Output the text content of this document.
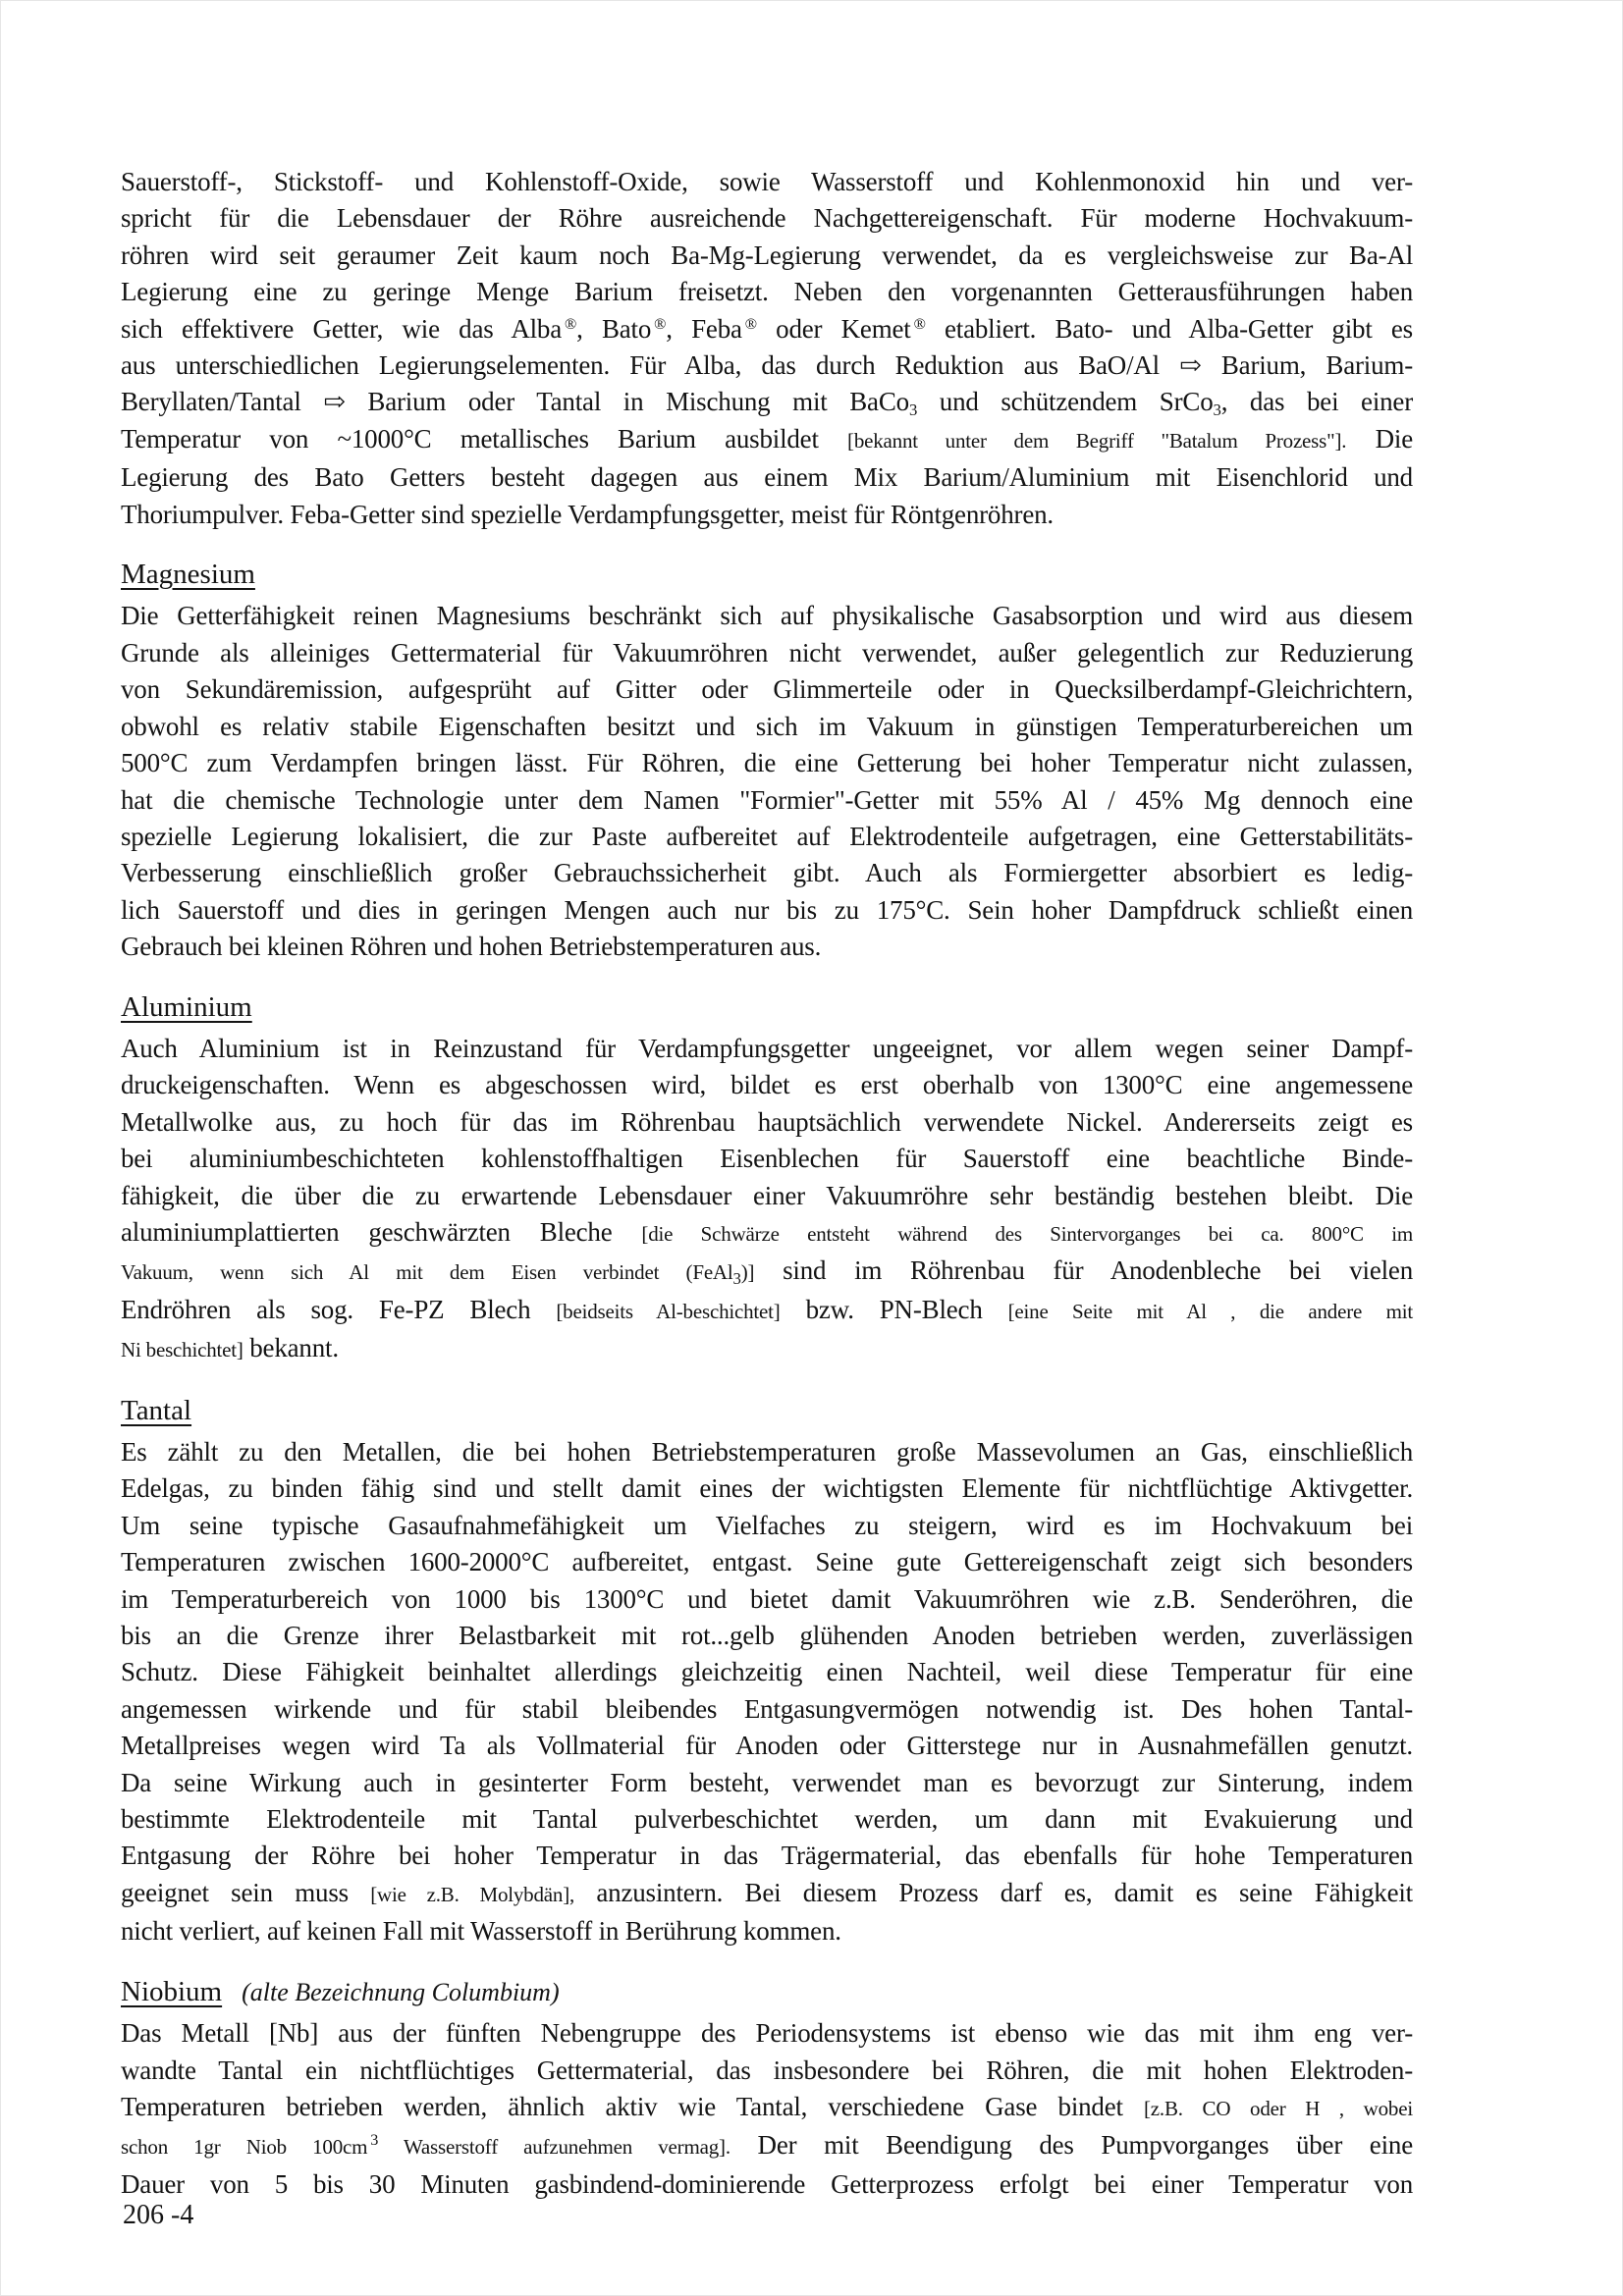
Sauerstoff-, Stickstoff- und Kohlenstoff-Oxide, sowie Wasserstoff und Kohlenmonoxid hin und ver-
spricht für die Lebensdauer der Röhre ausreichende Nachgettereigenschaft. Für moderne Hochvakuum-
röhren wird seit geraumer Zeit kaum noch Ba-Mg-Legierung verwendet, da es vergleichsweise zur Ba-Al
Legierung eine zu geringe Menge Barium freisetzt. Neben den vorgenannten Getterausführungen haben
sich effektivere Getter, wie das Alba ®, Bato ®, Feba ® oder Kemet ® etabliert. Bato- und Alba-Getter gibt es
aus unterschiedlichen Legierungselementen. Für Alba, das durch Reduktion aus BaO/Al ⇨ Barium, Barium-
Beryllaten/Tantal ⇨ Barium oder Tantal in Mischung mit BaCo3 und schützendem SrCo3, das bei einer
Temperatur von ~1000°C metallisches Barium ausbildet [bekannt unter dem Begriff "Batalum Prozess"]. Die
Legierung des Bato Getters besteht dagegen aus einem Mix Barium/Aluminium mit Eisenchlorid und
Thoriumpulver. Feba-Getter sind spezielle Verdampfungsgetter, meist für Röntgenröhren.
Magnesium
Die Getterfähigkeit reinen Magnesiums beschränkt sich auf physikalische Gasabsorption und wird aus diesem
Grunde als alleiniges Gettermaterial für Vakuumröhren nicht verwendet, außer gelegentlich zur Reduzierung
von Sekundäremission, aufgesprüht auf Gitter oder Glimmerteile oder in Quecksilberdampf-Gleichrichtern,
obwohl es relativ stabile Eigenschaften besitzt und sich im Vakuum in günstigen Temperaturbereichen um
500°C zum Verdampfen bringen lässt. Für Röhren, die eine Getterung bei hoher Temperatur nicht zulassen,
hat die chemische Technologie unter dem Namen "Formier"-Getter mit 55% Al / 45% Mg dennoch eine
spezielle Legierung lokalisiert, die zur Paste aufbereitet auf Elektrodenteile aufgetragen, eine Getterstabilitäts-
Verbesserung einschließlich großer Gebrauchssicherheit gibt. Auch als Formiergetter absorbiert es ledig-
lich Sauerstoff und dies in geringen Mengen auch nur bis zu 175°C. Sein hoher Dampfdruck schließt einen
Gebrauch bei kleinen Röhren und hohen Betriebstemperaturen aus.
Aluminium
Auch Aluminium ist in Reinzustand für Verdampfungsgetter ungeeignet, vor allem wegen seiner Dampf-
druckeigenschaften. Wenn es abgeschossen wird, bildet es erst oberhalb von 1300°C eine angemessene
Metallwolke aus, zu hoch für das im Röhrenbau hauptsächlich verwendete Nickel. Andererseits zeigt es
bei aluminiumbeschichteten kohlenstoffhaltigen Eisenblechen für Sauerstoff eine beachtliche Binde-
fähigkeit, die über die zu erwartende Lebensdauer einer Vakuumröhre sehr beständig bestehen bleibt. Die
aluminiumplattierten geschwärzten Bleche [die Schwärze entsteht während des Sintervorganges bei ca. 800°C im
Vakuum, wenn sich Al mit dem Eisen verbindet (FeAl3)] sind im Röhrenbau für Anodenbleche bei vielen
Endröhren als sog. Fe-PZ Blech [beidseits Al-beschichtet] bzw. PN-Blech [eine Seite mit Al , die andere mit
Ni beschichtet] bekannt.
Tantal
Es zählt zu den Metallen, die bei hohen Betriebstemperaturen große Massevolumen an Gas, einschließlich
Edelgas, zu binden fähig sind und stellt damit eines der wichtigsten Elemente für nichtflüchtige Aktivgetter.
Um seine typische Gasaufnahmefähigkeit um Vielfaches zu steigern, wird es im Hochvakuum bei
Temperaturen zwischen 1600-2000°C aufbereitet, entgast. Seine gute Gettereigenschaft zeigt sich besonders
im Temperaturbereich von 1000 bis 1300°C und bietet damit Vakuumröhren wie z.B. Senderöhren, die
bis an die Grenze ihrer Belastbarkeit mit rot...gelb glühenden Anoden betrieben werden, zuverlässigen
Schutz. Diese Fähigkeit beinhaltet allerdings gleichzeitig einen Nachteil, weil diese Temperatur für eine
angemessen wirkende und für stabil bleibendes Entgasungvermögen notwendig ist. Des hohen Tantal-
Metallpreises wegen wird Ta als Vollmaterial für Anoden oder Gitterstege nur in Ausnahmefällen genutzt.
Da seine Wirkung auch in gesinterter Form besteht, verwendet man es bevorzugt zur Sinterung, indem
bestimmte Elektrodenteile mit Tantal pulverbeschichtet werden, um dann mit Evakuierung und
Entgasung der Röhre bei hoher Temperatur in das Trägermaterial, das ebenfalls für hohe Temperaturen
geeignet sein muss [wie z.B. Molybdän], anzusintern. Bei diesem Prozess darf es, damit es seine Fähigkeit
nicht verliert, auf keinen Fall mit Wasserstoff in Berührung kommen.
Niobium (alte Bezeichnung Columbium)
Das Metall [Nb] aus der fünften Nebengruppe des Periodensystems ist ebenso wie das mit ihm eng ver-
wandte Tantal ein nichtflüchtiges Gettermaterial, das insbesondere bei Röhren, die mit hohen Elektroden-
Temperaturen betrieben werden, ähnlich aktiv wie Tantal, verschiedene Gase bindet [z.B. CO oder H , wobei
schon 1gr Niob 100cm $^3$ Wasserstoff aufzunehmen vermag]. Der mit Beendigung des Pumpvorganges über eine
Dauer von 5 bis 30 Minuten gasbindend-dominierende Getterprozess erfolgt bei einer Temperatur von
206 -4
